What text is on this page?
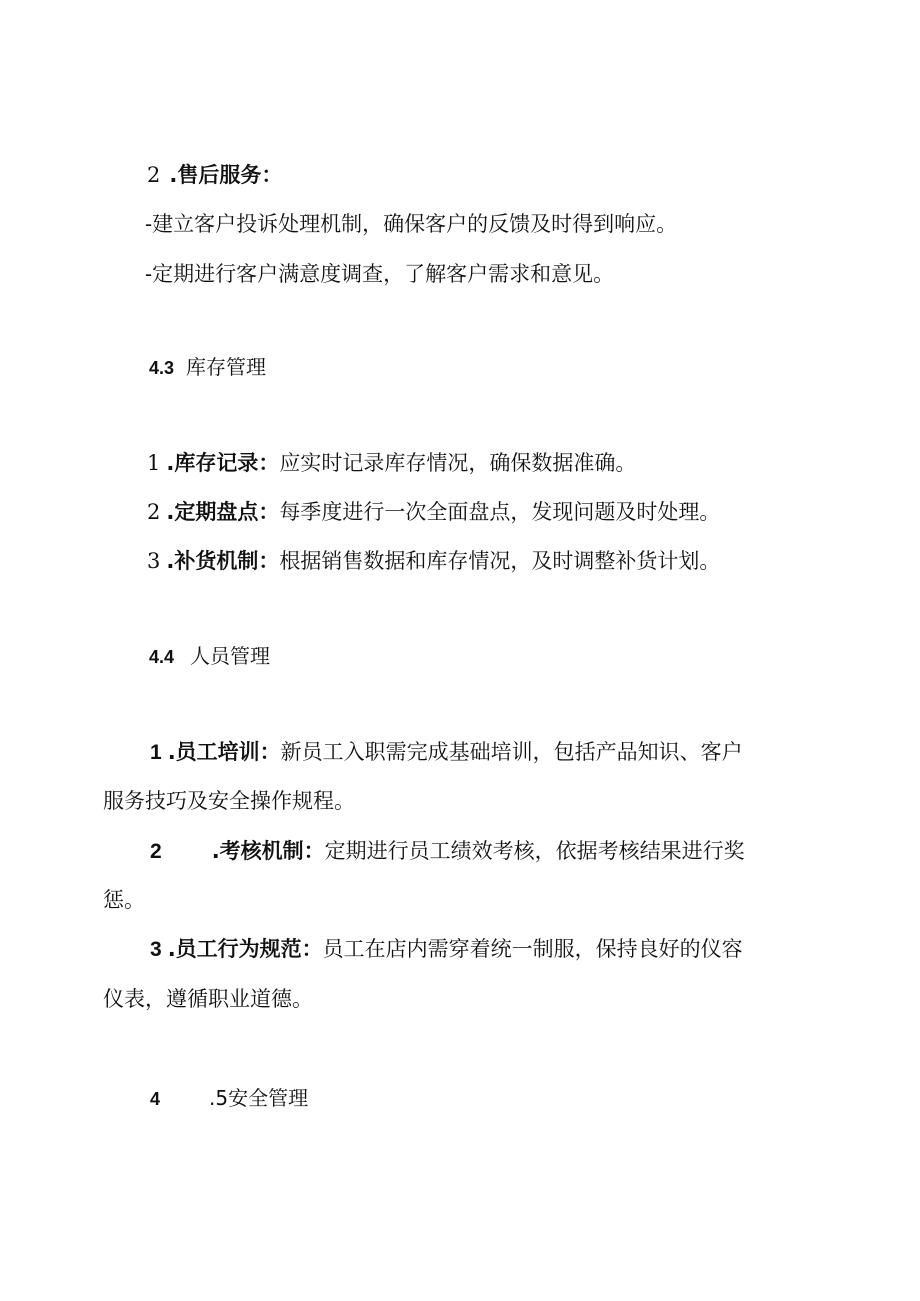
2 .售后服务：
-建立客户投诉处理机制，确保客户的反馈及时得到响应。
-定期进行客户满意度调查，了解客户需求和意见。
4.3 库存管理
1 .库存记录：应实时记录库存情况，确保数据准确。
2 .定期盘点：每季度进行一次全面盘点，发现问题及时处理。
3 .补货机制：根据销售数据和库存情况，及时调整补货计划。
4.4 人员管理
1 .员工培训：新员工入职需完成基础培训，包括产品知识、客户
服务技巧及安全操作规程。
2 .考核机制：定期进行员工绩效考核，依据考核结果进行奖
惩。
3 .员工行为规范：员工在店内需穿着统一制服，保持良好的仪容
仪表，遵循职业道德。
4 .5安全管理
